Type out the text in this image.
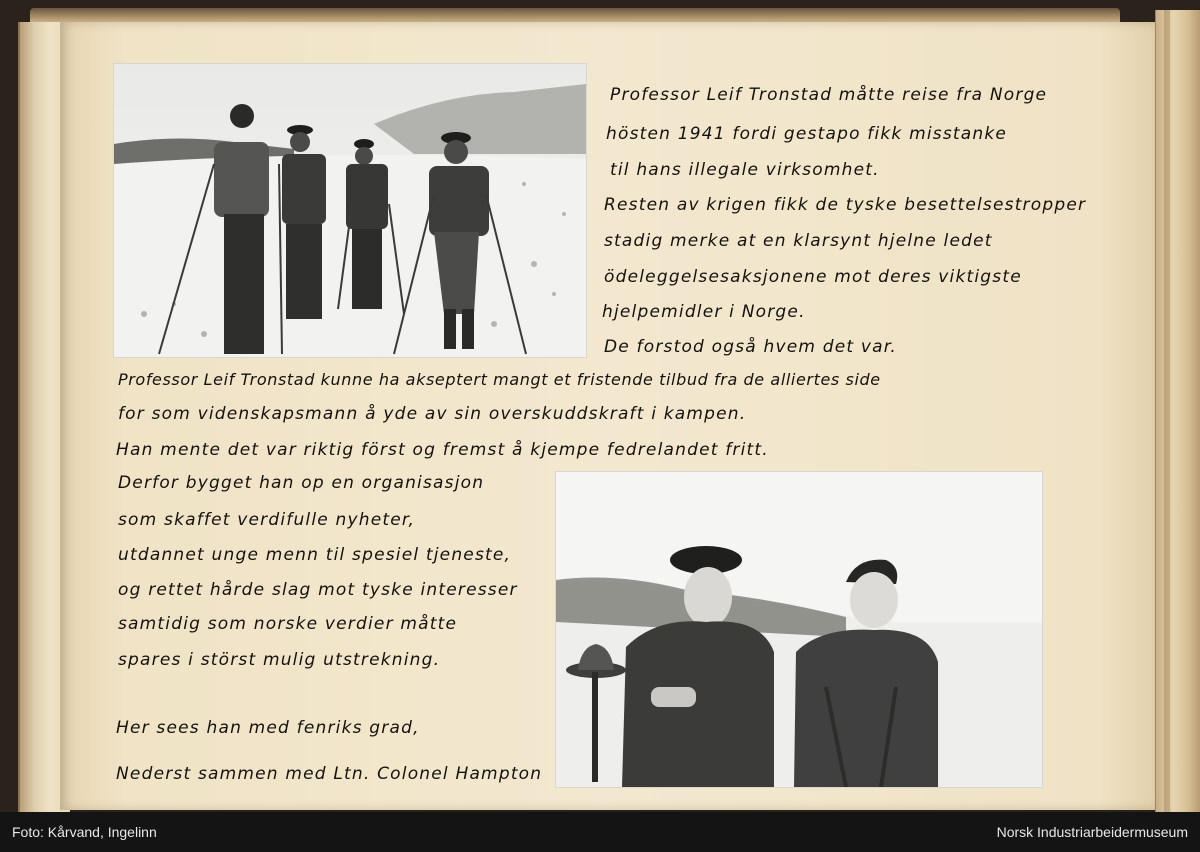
Professor Leif Tronstad måtte reise fra Norge
hösten 1941 fordi gestapo fikk misstanke
til hans illegale virksomhet.
Resten av krigen fikk de tyske besettelsestropper
stadig merke at en klarsynt hjelne ledet
ödeleggelsesaksjonene mot deres viktigste
hjelpemidler i Norge.
De forstod også hvem det var.
Professor Leif Tronstad kunne ha akseptert mangt et fristende tilbud fra de alliertes side
for som videnskapsmann å yde av sin overskuddskraft i kampen.
Han mente det var riktig först og fremst å kjempe fedrelandet fritt.
Derfor bygget han op en organisasjon
som skaffet verdifulle nyheter,
utdannet unge menn til spesiel tjeneste,
og rettet hårde slag mot tyske interesser
samtidig som norske verdier måtte
spares i störst mulig utstrekning.
Her sees han med fenriks grad,
Nederst sammen med Ltn. Colonel Hampton
Foto: Kårvand, Ingelinn	Norsk Industriarbeidermuseum
